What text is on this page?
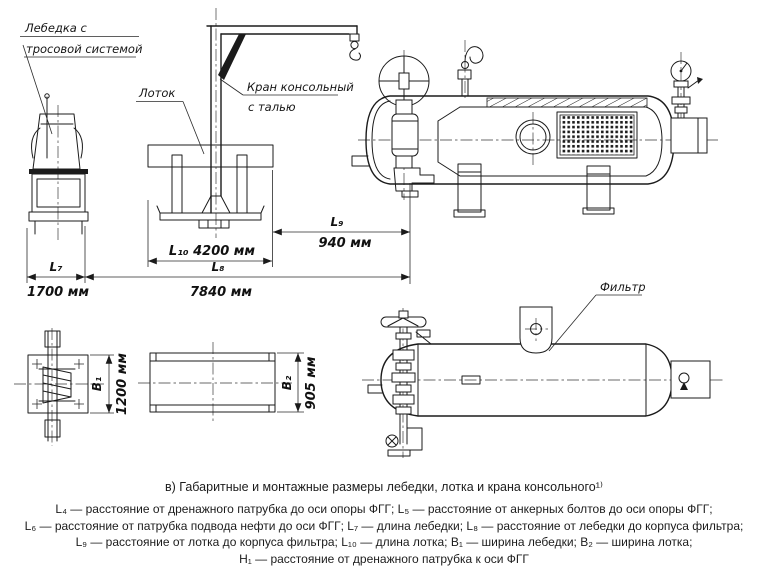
Лебедка с
тросовой системой
Лоток	Кран консольный
с талью
L₁₀ 4200 мм
L₉
940 мм
L₇
1700 мм
L₈
7840 мм
B₁ 1200 мм	B₂ 905 мм
Фильтр
в) Габаритные и монтажные размеры лебедки, лотка и крана консольного¹⁾
L₄ — расстояние от дренажного патрубка до оси опоры ФГГ; L₅ — расстояние от анкерных болтов до оси опоры ФГГ;
L₆ — расстояние от патрубка подвода нефти до оси ФГГ; L₇ — длина лебедки; L₈ — расстояние от лебедки до корпуса фильтра;
L₉ — расстояние от лотка до корпуса фильтра; L₁₀ — длина лотка; B₁ — ширина лебедки; B₂ — ширина лотка;
H₁ — расстояние от дренажного патрубка к оси ФГГ
